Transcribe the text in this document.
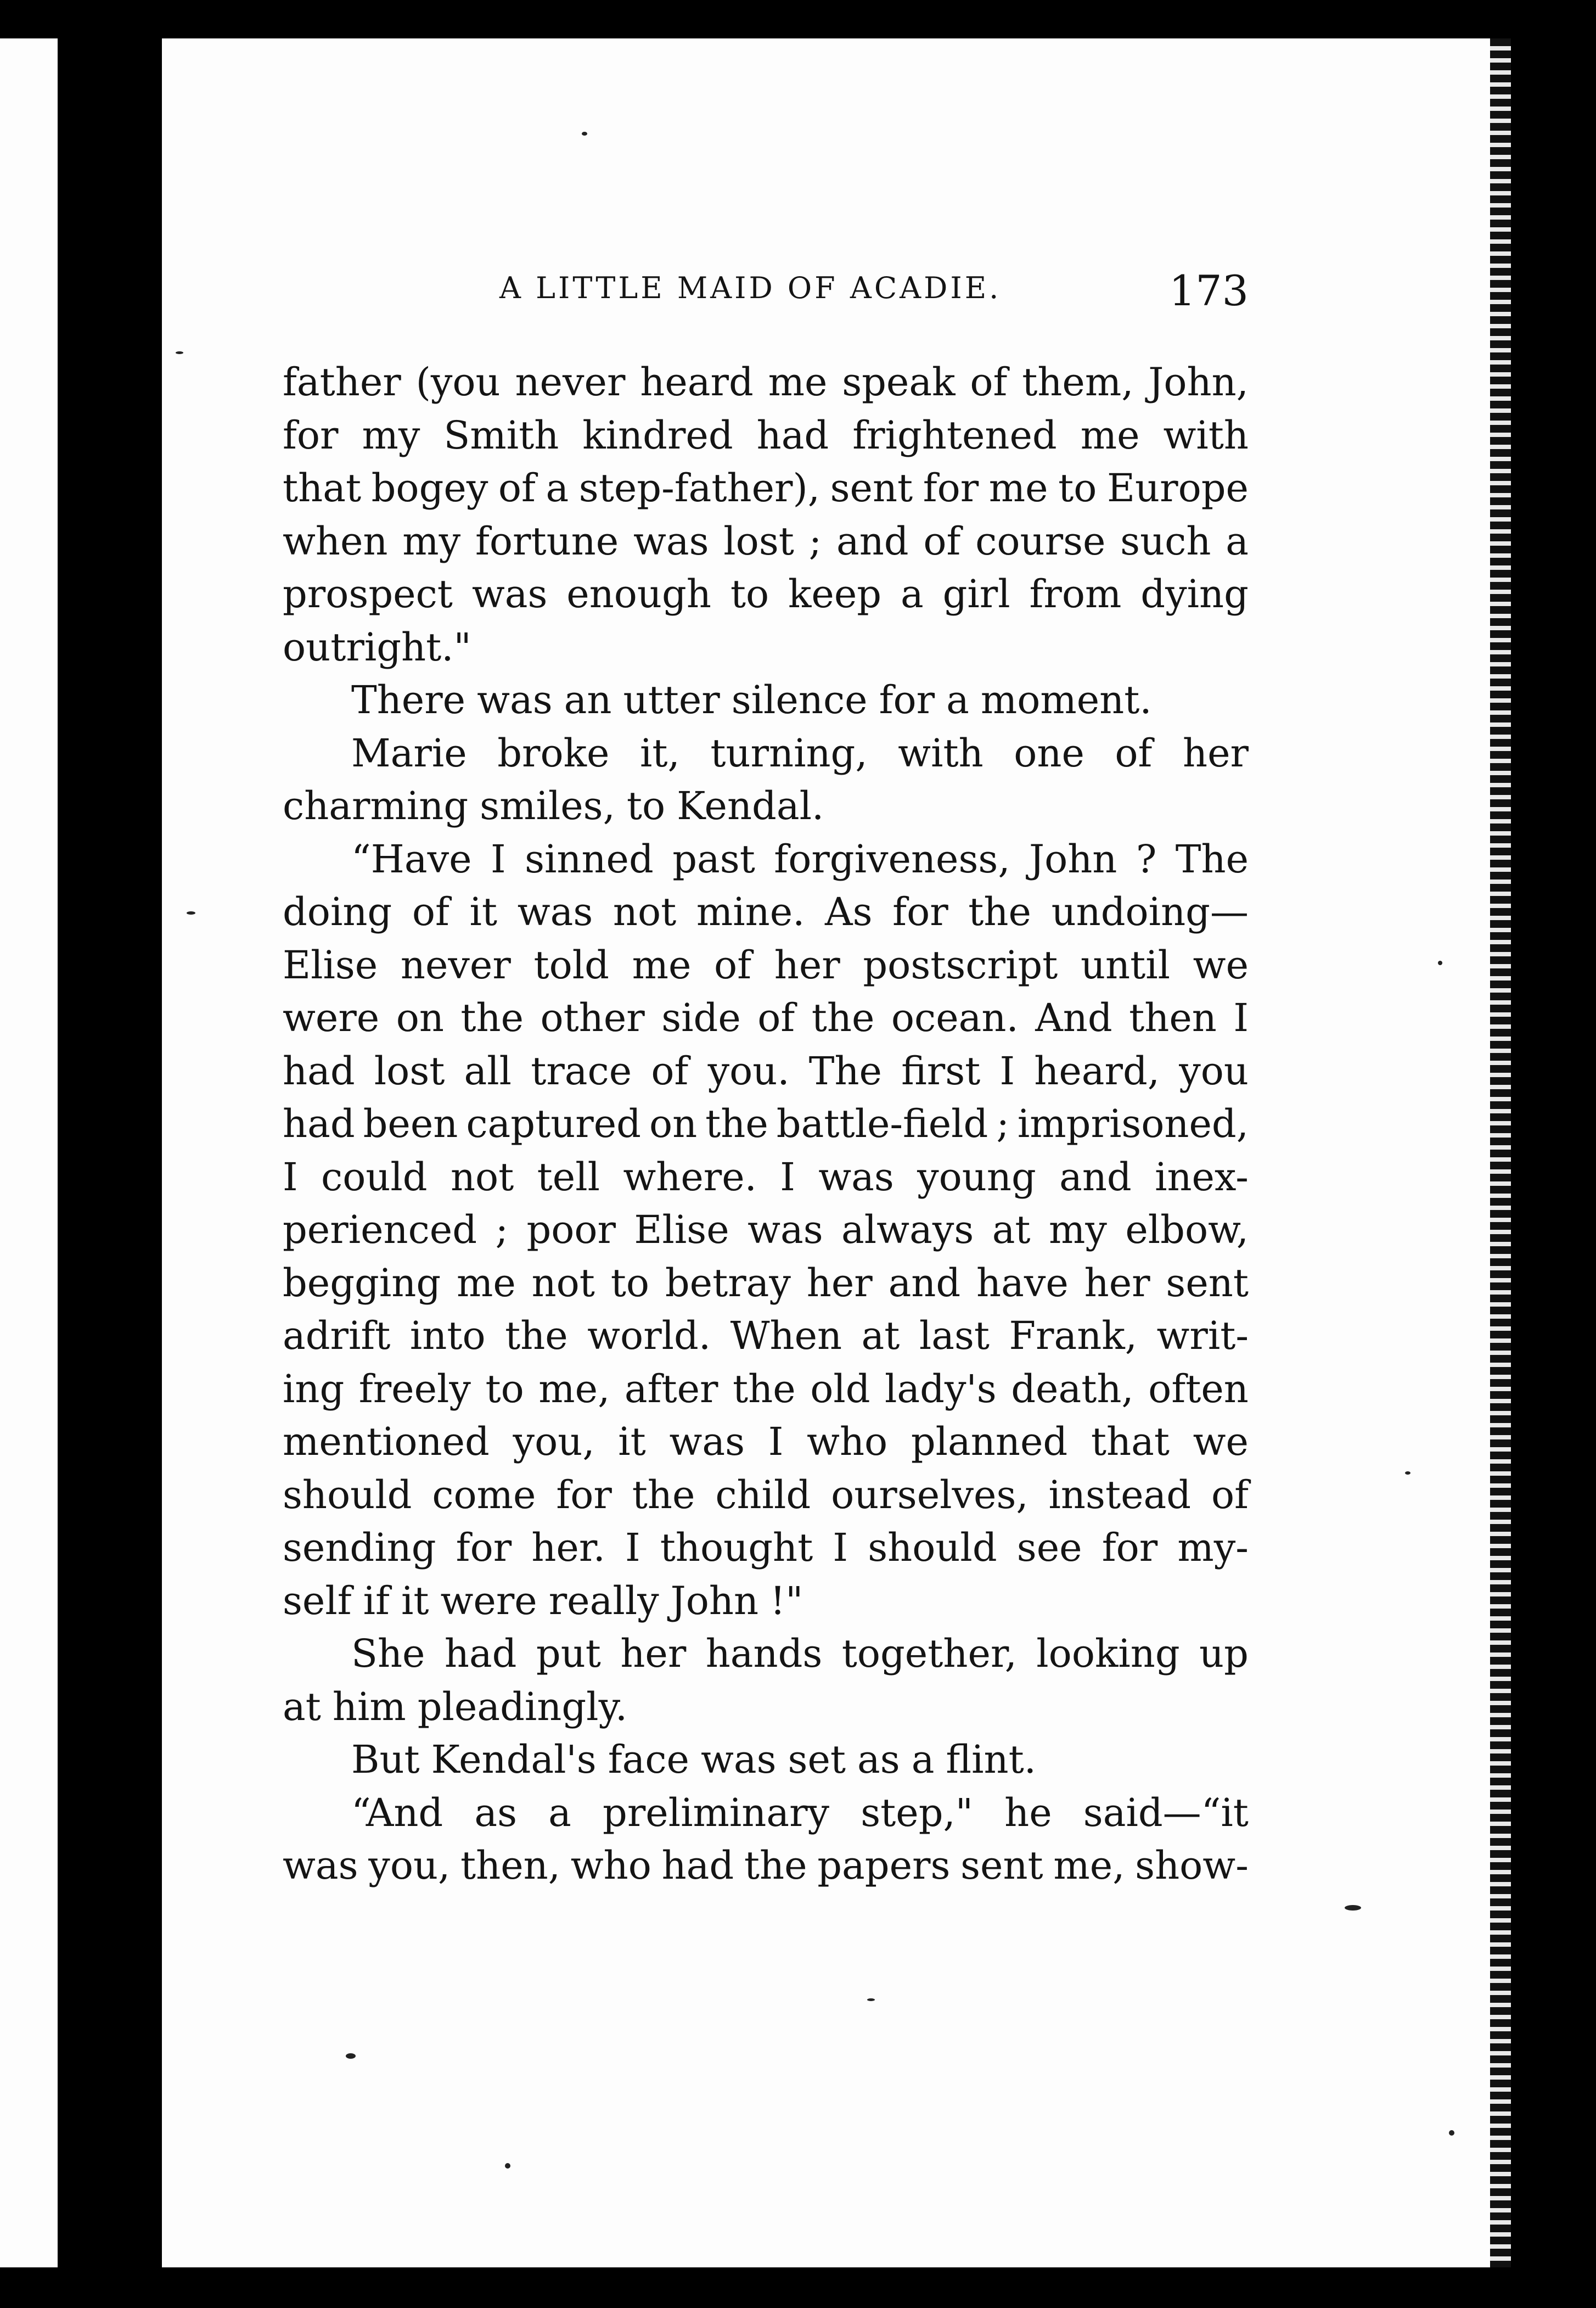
A LITTLE MAID OF ACADIE.	173
father (you never heard me speak of them, John,
for my Smith kindred had frightened me with
that bogey of a step-father), sent for me to Europe
when my fortune was lost ; and of course such a
prospect was enough to keep a girl from dying
outright."
There was an utter silence for a moment.
Marie broke it, turning, with one of her
charming smiles, to Kendal.
“Have I sinned past forgiveness, John ? The
doing of it was not mine. As for the undoing—
Elise never told me of her postscript until we
were on the other side of the ocean. And then I
had lost all trace of you. The first I heard, you
had been captured on the battle-field ; imprisoned,
I could not tell where. I was young and inex-
perienced ; poor Elise was always at my elbow,
begging me not to betray her and have her sent
adrift into the world. When at last Frank, writ-
ing freely to me, after the old lady's death, often
mentioned you, it was I who planned that we
should come for the child ourselves, instead of
sending for her. I thought I should see for my-
self if it were really John !"
She had put her hands together, looking up
at him pleadingly.
But Kendal's face was set as a flint.
“And as a preliminary step," he said—“it
was you, then, who had the papers sent me, show-
